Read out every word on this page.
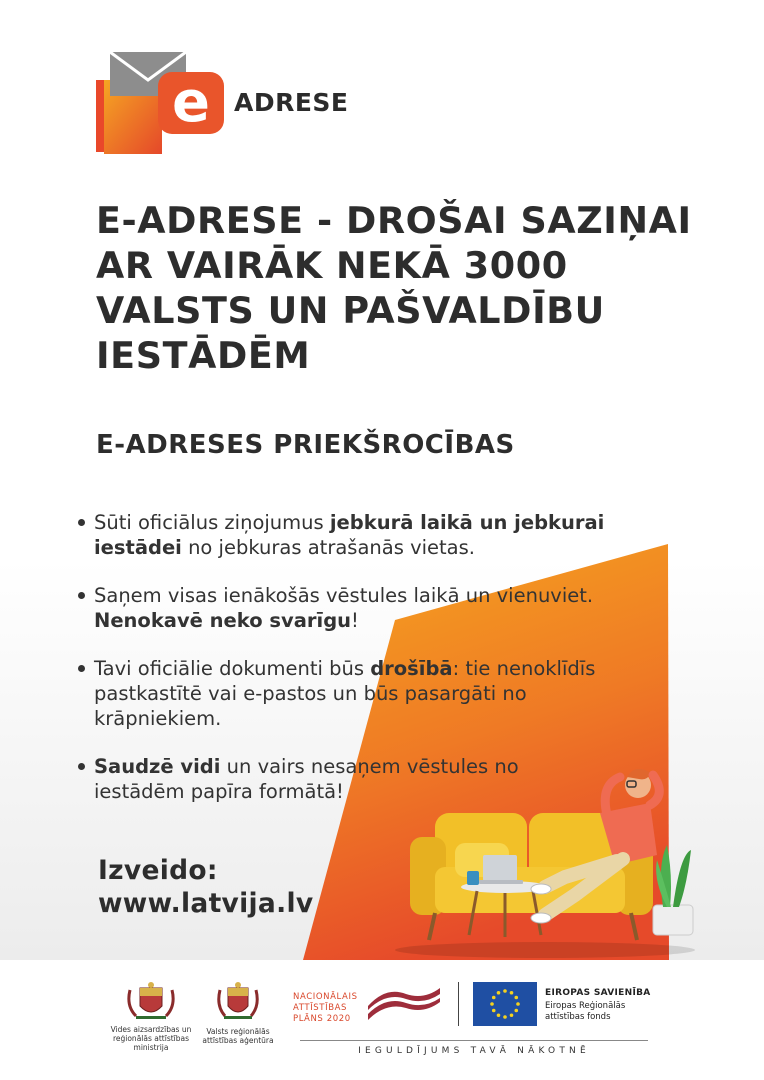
e ADRESE
E-ADRESE - DROŠAI SAZIŅAI
AR VAIRĀK NEKĀ 3000
VALSTS UN PAŠVALDĪBU
IESTĀDĒM
E-ADRESES PRIEKŠROCĪBAS
Sūti oficiālus ziņojumus jebkurā laikā un jebkurai
iestādei no jebkuras atrašanās vietas.
Saņem visas ienākošās vēstules laikā un vienuviet.
Nenokavē neko svarīgu!
Tavi oficiālie dokumenti būs drošībā: tie nenoklīdīs
pastkastītē vai e-pastos un būs pasargāti no
krāpniekiem.
Saudzē vidi un vairs nesaņem vēstules no
iestādēm papīra formātā!
Izveido:
www.latvija.lv
Vides aizsardzības un
reģionālās attīstības
ministrija
Valsts reģionālās
attīstības aģentūra
NACIONĀLAIS
ATTĪSTĪBAS
PLĀNS 2020
EIROPAS SAVIENĪBA
Eiropas Reģionālās
attīstības fonds
IEGULDĪJUMS TAVĀ NĀKOTNĒ
